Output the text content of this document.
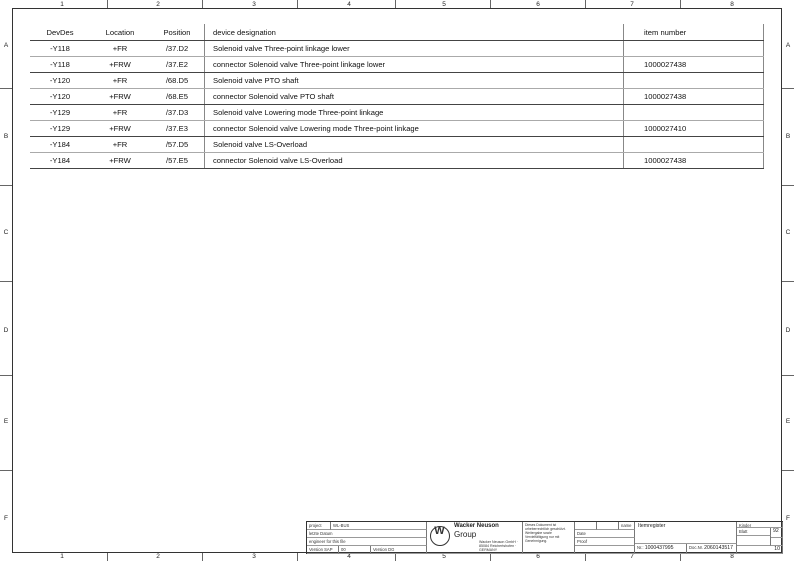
1	2	3	4	5	6	7	8
1	2	3	4	5	6	7	8
A
B
C
D
E
F
A
B
C
D
E
F
DevDes	Location	Position	device designation	item number
-Y118	+FR	/37.D2	Solenoid valve Three-point linkage lower	
-Y118	+FRW	/37.E2	connector Solenoid valve Three-point linkage lower	1000027438
-Y120	+FR	/68.D5	Solenoid valve PTO shaft	
-Y120	+FRW	/68.E5	connector Solenoid valve PTO shaft	1000027438
-Y129	+FR	/37.D3	Solenoid valve Lowering mode Three-point linkage	
-Y129	+FRW	/37.E3	connector Solenoid valve Lowering mode Three-point linkage	1000027410
-Y184	+FR	/57.D5	Solenoid valve LS-Overload	
-Y184	+FRW	/57.E5	connector Solenoid valve LS-Overload	1000027438
project	WL-BUS
letzte Datum
engineer for this file
Version SAP	00	Version DG
W	Wacker Neuson
Group
Wacker Neuson GmbH · 85084 Reichertshofen · GERMANY
Dieses Dokument ist urheberrechtlich geschützt. Weitergabe sowie Vervielfältigung nur mit Genehmigung.
name
Date
Proof
Itemregister
Nr.: 1000437995	Doc.Nr. 2060143517
Kinder
Blatt	92
10
